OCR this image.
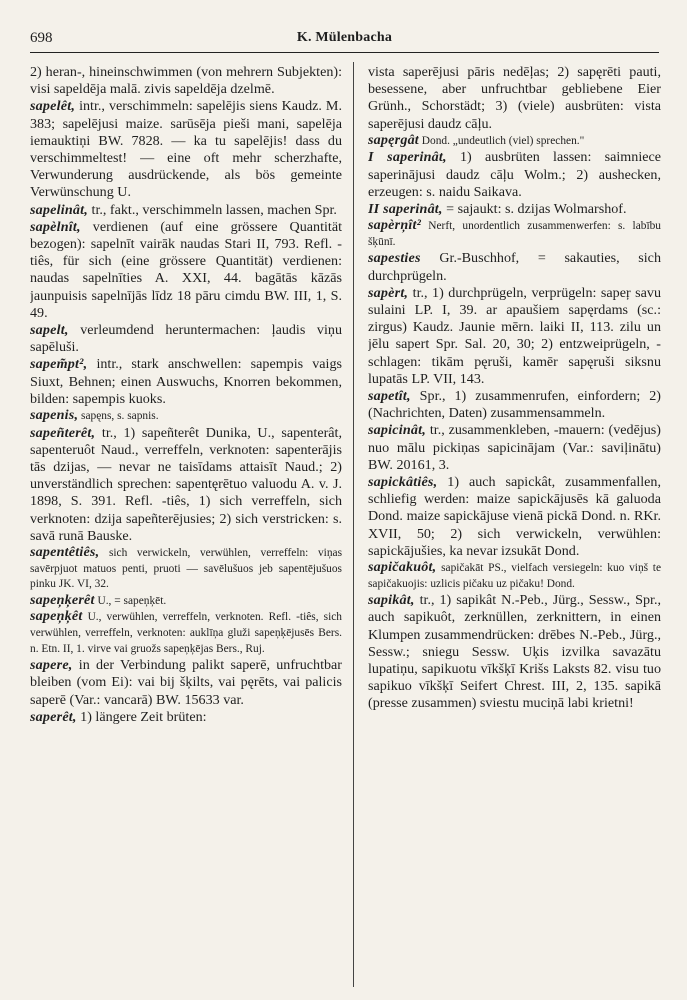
698	K. Mülenbacha

2) heran-, hineinschwimmen (von mehrern Subjekten): visi sapeldēja malā. zivis sapeldēja dzelmē.

sapelêt, intr., verschimmeln: sapelējis siens Kaudz. M. 383; sapelējusi maize. sarūsēja pieši mani, sapelēja iemauktiņi BW. 7828. — ka tu sapelējis! dass du verschimmeltest! — eine oft mehr scherzhafte, Verwunderung ausdrückende, als bös gemeinte Verwünschung U.

sapelinât, tr., fakt., verschimmeln lassen, machen Spr.

sapèlnît, verdienen (auf eine grössere Quantität bezogen): sapelnīt vairāk naudas Stari II, 793. Refl. -tiês, für sich (eine grössere Quantität) verdienen: naudas sapelnīties A. XXI, 44. bagātās kāzās jaunpuisis sapelnījās līdz 18 pāru cimdu BW. III, 1, S. 49.

sapelt, verleumdend heruntermachen: ļaudis viņu sapēluši.

sapem̃pt², intr., stark anschwellen: sapempis vaigs Siuxt, Behnen; einen Auswuchs, Knorren bekommen, bilden: sapempis kuoks.

sapenis, sapęns, s. sapnis.

sapeñterêt, tr., 1) sapeñterêt Dunika, U., sapenterât, sapenteruôt Naud., verreffeln, verknoten: sapenterājis tās dzijas, — nevar ne taisīdams attaisīt Naud.; 2) unverständlich sprechen: sapentęrētuo valuodu A. v. J. 1898, S. 391. Refl. -tiês, 1) sich verreffeln, sich verknoten: dzija sapeñterējusies; 2) sich verstricken: s. savā runā Bauske.

sapentêtiês, sich verwickeln, verwühlen, verreffeln: viņas savērpjuot matuos penti, pruoti — savēlušuos jeb sapentējušuos pinku JK. VI, 32.

sapeņķerêt U., = sapeņķēt.

sapeņķêt U., verwühlen, verreffeln, verknoten. Refl. -tiês, sich verwühlen, verreffeln, verknoten: auklīņa gluži sapeņķējusēs Bers. n. Etn. II, 1. virve vai gruožs sapeņķējas Bers., Ruj.

sapere, in der Verbindung palikt saperē, unfruchtbar bleiben (vom Ei): vai bij šķilts, vai pęrēts, vai palicis saperē (Var.: vancarā) BW. 15633 var.

saperêt, 1) längere Zeit brüten:

vista saperējusi pāris nedēļas; 2) sapęrēti pauti, besessene, aber unfruchtbar gebliebene Eier Grünh., Schorstädt; 3) (viele) ausbrüten: vista saperējusi daudz cāļu.

sapęrgât Dond. „undeutlich (viel) sprechen."

I saperinât, 1) ausbrüten lassen: saimniece saperinājusi daudz cāļu Wolm.; 2) aushecken, erzeugen: s. naidu Saikava.

II saperinât, = sajaukt: s. dzijas Wolmarshof.

sapèrņît² Nerft, unordentlich zusammenwerfen: s. labību šķūnī.

sapesties Gr.-Buschhof, = sakauties, sich durchprügeln.

sapèrt, tr., 1) durchprügeln, verprügeln: sapeŗ savu sulaini LP. I, 39. ar apaušiem sapęrdams (sc.: zirgus) Kaudz. Jaunie mērn. laiki II, 113. zilu un jēlu sapert Spr. Sal. 20, 30; 2) entzweiprügeln, -schlagen: tikām pęruši, kamēr sapęruši siksnu lupatās LP. VII, 143.

sapetît, Spr., 1) zusammenrufen, einfordern; 2) (Nachrichten, Daten) zusammensammeln.

sapicinât, tr., zusammenkleben, -mauern: (vedējus) nuo mālu pickiņas sapicinājam (Var.: saviļinātu) BW. 20161, 3.

sapickâtiês, 1) auch sapickât, zusammenfallen, schliefig werden: maize sapickājusēs kā galuoda Dond. maize sapickājuse vienā pickā Dond. n. RKr. XVII, 50; 2) sich verwickeln, verwühlen: sapickājušies, ka nevar izsukāt Dond.

sapičakuôt, sapičakāt PS., vielfach versiegeln: kuo viņš te sapičakuojis: uzlicis pičaku uz pičaku! Dond.

sapikât, tr., 1) sapikât N.-Peb., Jürg., Sessw., Spr., auch sapikuôt, zerknüllen, zerknittern, in einen Klumpen zusammendrücken: drēbes N.-Peb., Jürg., Sessw.; sniegu Sessw. Uķis izvilka savazātu lupatiņu, sapikuotu vīkšķī Krišs Laksts 82. visu tuo sapikuo vīkšķī Seifert Chrest. III, 2, 135. sapikā (presse zusammen) sviestu muciņā labi krietni!
